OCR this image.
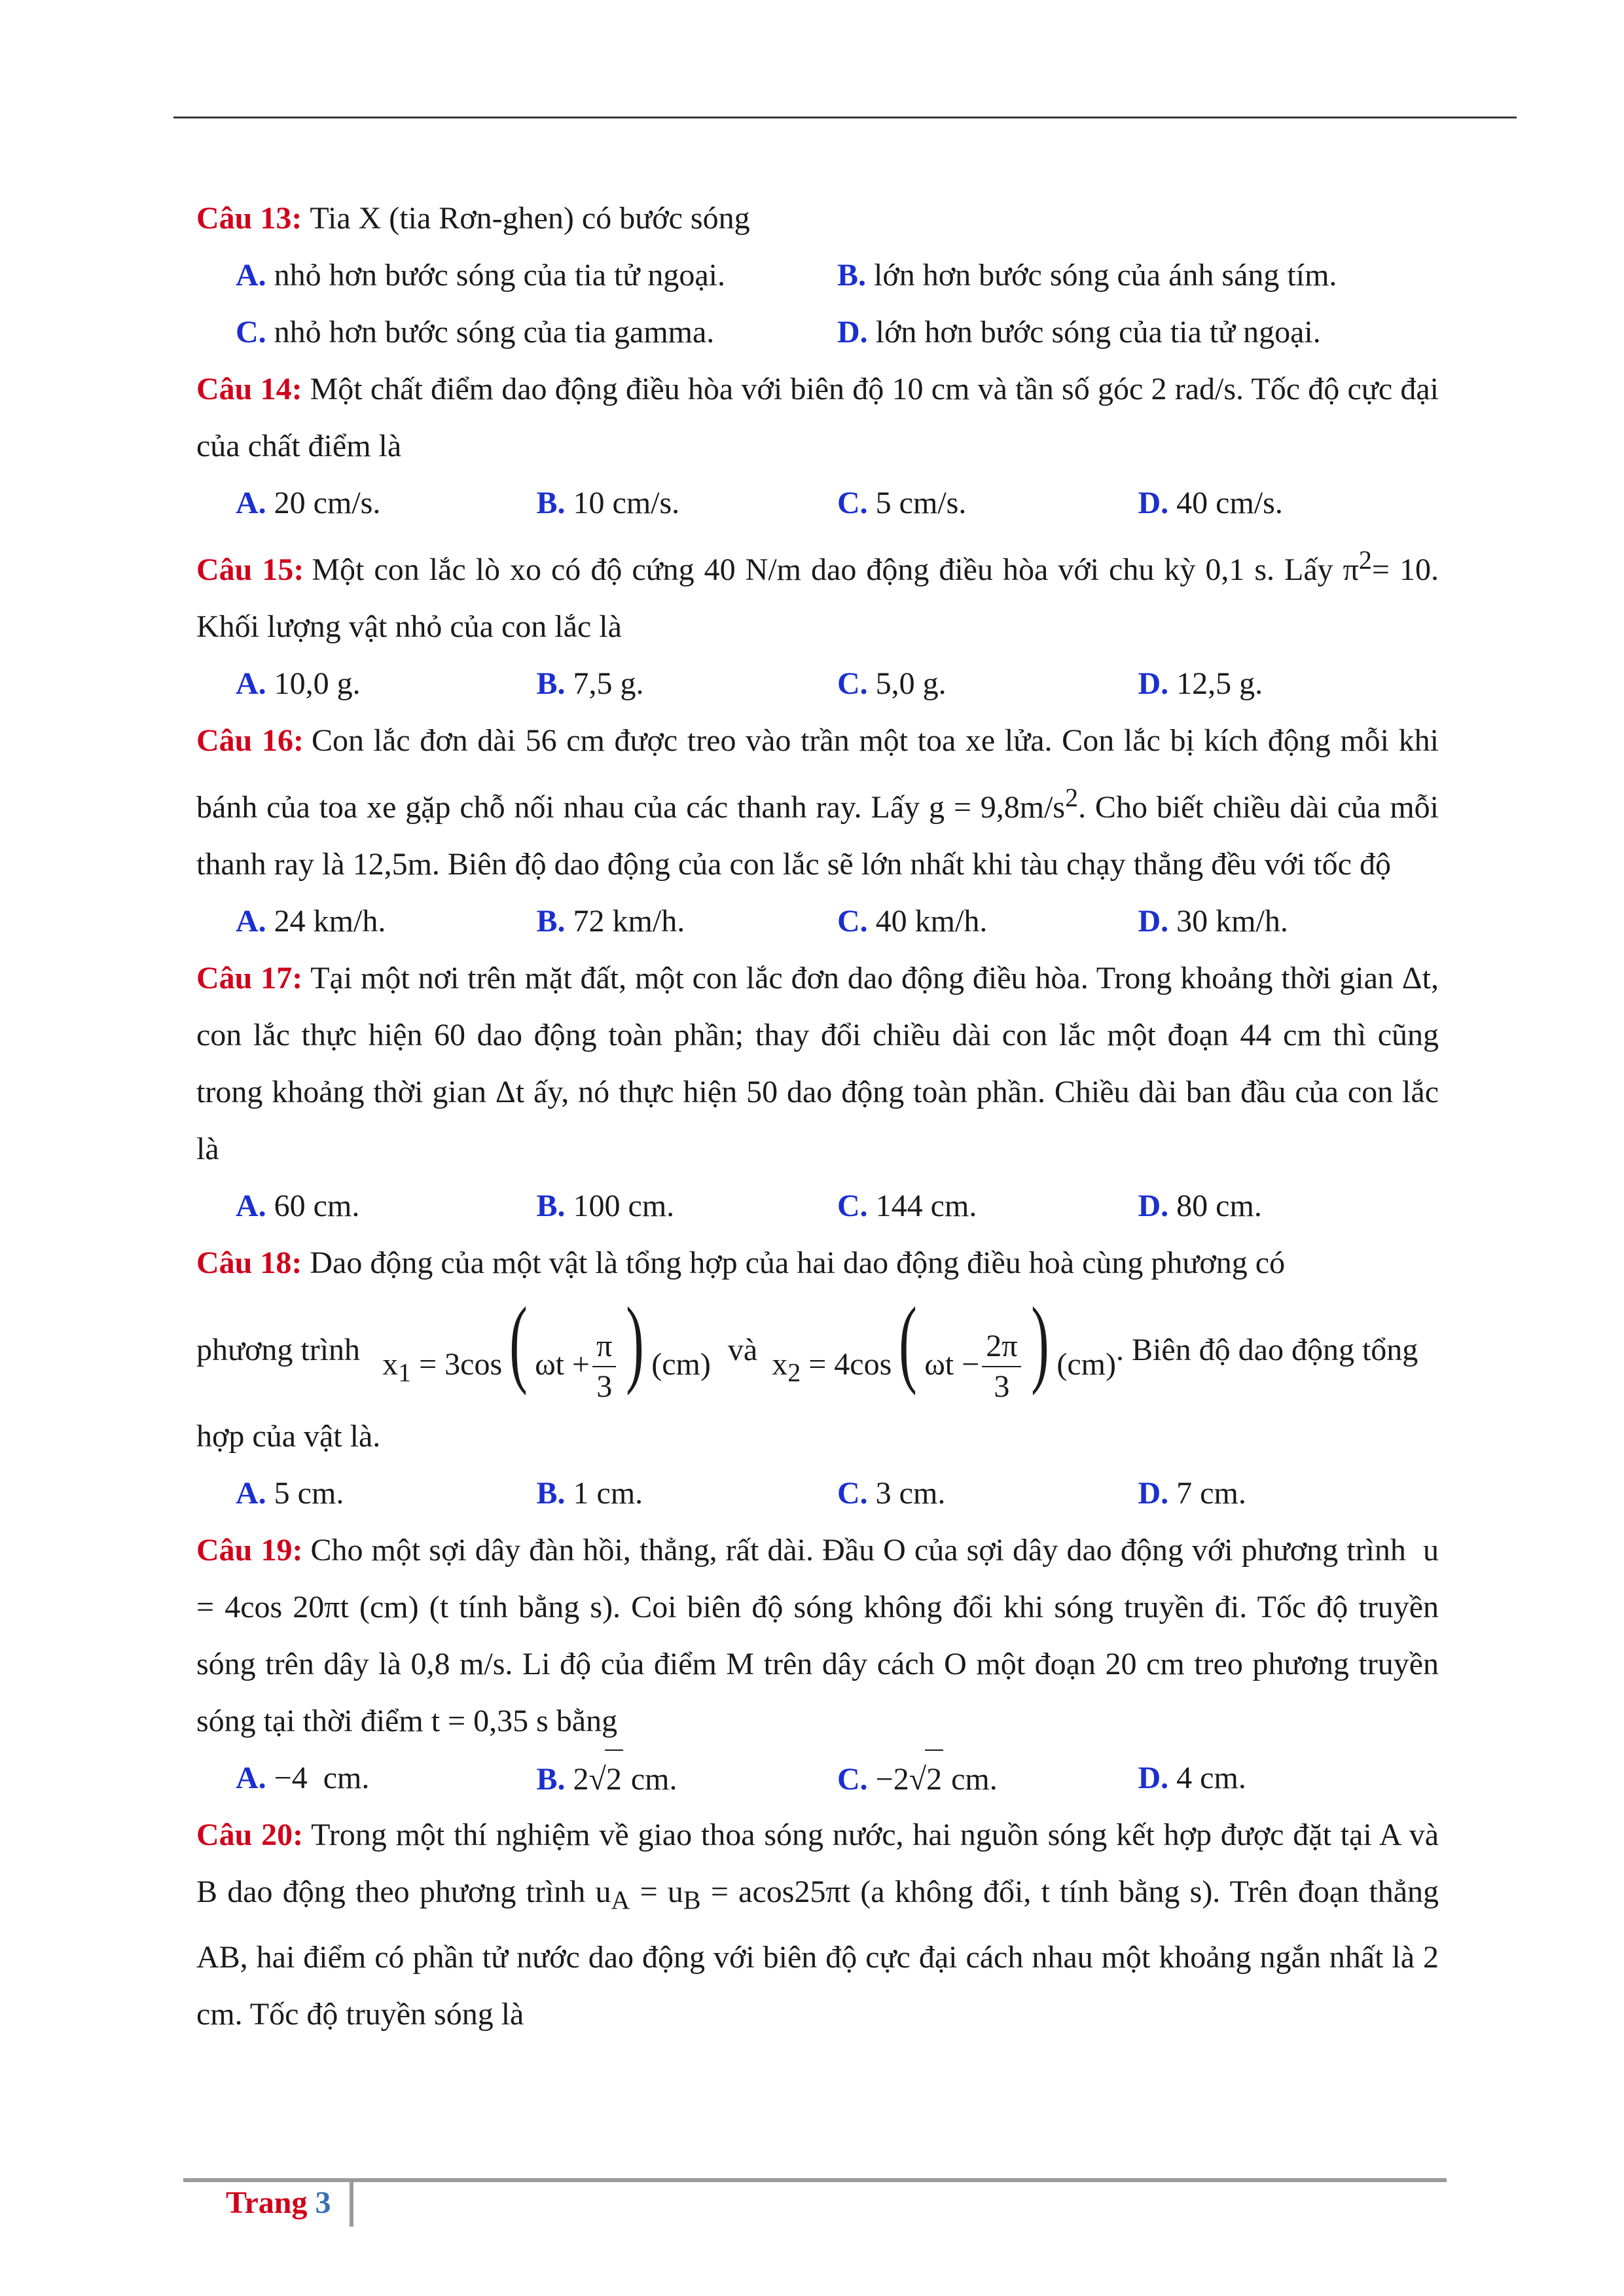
Câu 13: Tia X (tia Rơn-ghen) có bước sóng

A. nhỏ hơn bước sóng của tia tử ngoại.	B. lớn hơn bước sóng của ánh sáng tím.
C. nhỏ hơn bước sóng của tia gamma.	D. lớn hơn bước sóng của tia tử ngoại.

Câu 14: Một chất điểm dao động điều hòa với biên độ 10 cm và tần số góc 2 rad/s. Tốc độ cực đại của chất điểm là

A. 20 cm/s.	B. 10 cm/s.	C. 5 cm/s.	D. 40 cm/s.

Câu 15: Một con lắc lò xo có độ cứng 40 N/m dao động điều hòa với chu kỳ 0,1 s. Lấy $\pi^2= 10$. Khối lượng vật nhỏ của con lắc là

A. 10,0 g.	B. 7,5 g.	C. 5,0 g.	D. 12,5 g.

Câu 16: Con lắc đơn dài 56 cm được treo vào trần một toa xe lửa. Con lắc bị kích động mỗi khi bánh của toa xe gặp chỗ nối nhau của các thanh ray. Lấy $g = 9,8m/s^2$. Cho biết chiều dài của mỗi thanh ray là 12,5m. Biên độ dao động của con lắc sẽ lớn nhất khi tàu chạy thẳng đều với tốc độ

A. 24 km/h.	B. 72 km/h.	C. 40 km/h.	D. 30 km/h.

Câu 17: Tại một nơi trên mặt đất, một con lắc đơn dao động điều hòa. Trong khoảng thời gian Δt, con lắc thực hiện 60 dao động toàn phần; thay đổi chiều dài con lắc một đoạn 44 cm thì cũng trong khoảng thời gian Δt ấy, nó thực hiện 50 dao động toàn phần. Chiều dài ban đầu của con lắc là

A. 60 cm.	B. 100 cm.	C. 144 cm.	D. 80 cm.

Câu 18: Dao động của một vật là tổng hợp của hai dao động điều hoà cùng phương có

phương trình $x_1 = 3\cos$( $\omega t + \frac{\pi}{3}$ ) (cm) và $x_2 = 4\cos$( $\omega t - \frac{2\pi}{3}$ ) (cm) . Biên độ dao động tổng

hợp của vật là.

A. 5 cm.	B. 1 cm.	C. 3 cm.	D. 7 cm.

Câu 19: Cho một sợi dây đàn hồi, thẳng, rất dài. Đầu O của sợi dây dao động với phương trình u = 4cos 20πt (cm) (t tính bằng s). Coi biên độ sóng không đổi khi sóng truyền đi. Tốc độ truyền sóng trên dây là 0,8 m/s. Li độ của điểm M trên dây cách O một đoạn 20 cm treo phương truyền sóng tại thời điểm t = 0,35 s bằng

A. −4  cm.	B. 2√2 cm.	C. −2√2 cm.	D. 4 cm.

Câu 20: Trong một thí nghiệm về giao thoa sóng nước, hai nguồn sóng kết hợp được đặt tại A và B dao động theo phương trình $u_A = u_B = acos25\pi t$ (a không đổi, t tính bằng s). Trên đoạn thẳng AB, hai điểm có phần tử nước dao động với biên độ cực đại cách nhau một khoảng ngắn nhất là 2 cm. Tốc độ truyền sóng là

Trang 3
